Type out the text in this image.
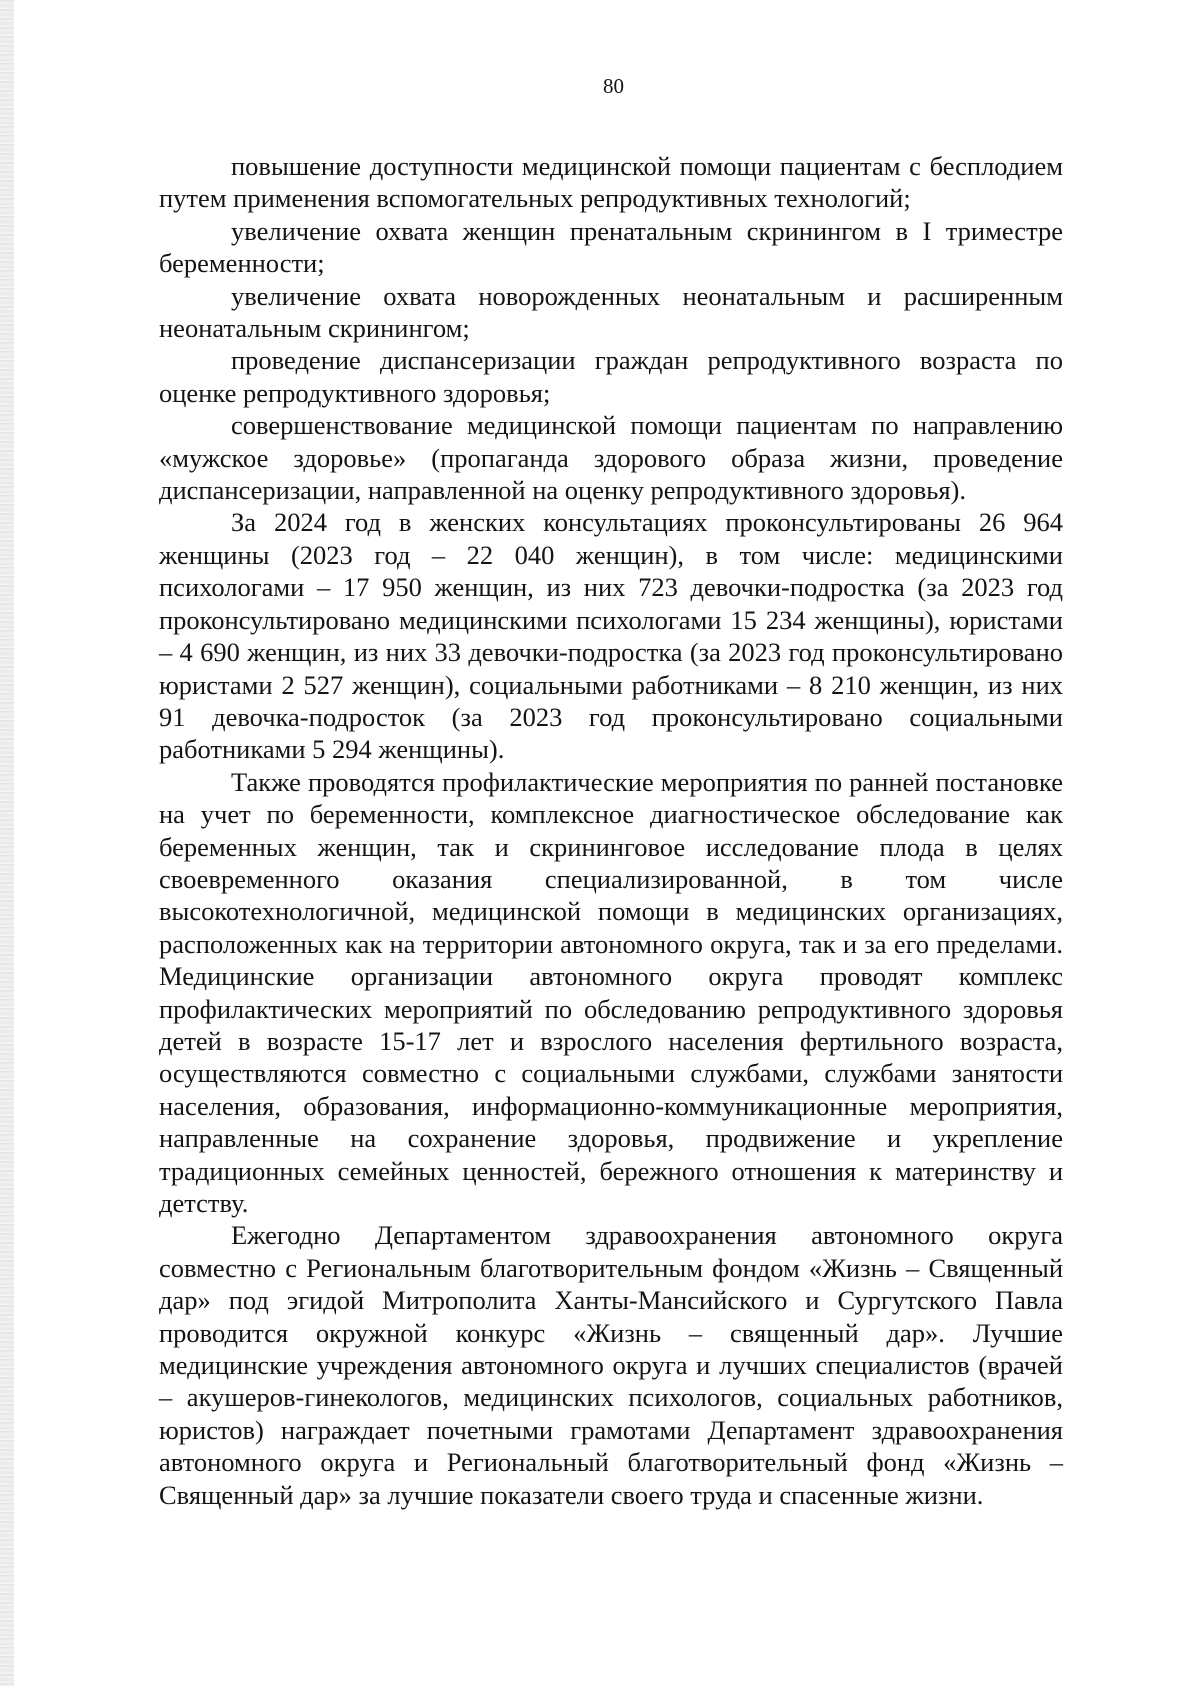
80

повышение доступности медицинской помощи пациентам с бесплодием путем применения вспомогательных репродуктивных технологий;

увеличение охвата женщин пренатальным скринингом в I триместре беременности;

увеличение охвата новорожденных неонатальным и расширенным неонатальным скринингом;

проведение диспансеризации граждан репродуктивного возраста по оценке репродуктивного здоровья;

совершенствование медицинской помощи пациентам по направлению «мужское здоровье» (пропаганда здорового образа жизни, проведение диспансеризации, направленной на оценку репродуктивного здоровья).

За 2024 год в женских консультациях проконсультированы 26 964 женщины (2023 год – 22 040 женщин), в том числе: медицинскими психологами – 17 950 женщин, из них 723 девочки-подростка (за 2023 год проконсультировано медицинскими психологами 15 234 женщины), юристами – 4 690 женщин, из них 33 девочки-подростка (за 2023 год проконсультировано юристами 2 527 женщин), социальными работниками – 8 210 женщин, из них 91 девочка-подросток (за 2023 год проконсультировано социальными работниками 5 294 женщины).

Также проводятся профилактические мероприятия по ранней постановке на учет по беременности, комплексное диагностическое обследование как беременных женщин, так и скрининговое исследование плода в целях своевременного оказания специализированной, в том числе высокотехнологичной, медицинской помощи в медицинских организациях, расположенных как на территории автономного округа, так и за его пределами. Медицинские организации автономного округа проводят комплекс профилактических мероприятий по обследованию репродуктивного здоровья детей в возрасте 15-17 лет и взрослого населения фертильного возраста, осуществляются совместно с социальными службами, службами занятости населения, образования, информационно-коммуникационные мероприятия, направленные на сохранение здоровья, продвижение и укрепление традиционных семейных ценностей, бережного отношения к материнству и детству.

Ежегодно Департаментом здравоохранения автономного округа совместно с Региональным благотворительным фондом «Жизнь – Священный дар» под эгидой Митрополита Ханты-Мансийского и Сургутского Павла проводится окружной конкурс «Жизнь – священный дар». Лучшие медицинские учреждения автономного округа и лучших специалистов (врачей – акушеров-гинекологов, медицинских психологов, социальных работников, юристов) награждает почетными грамотами Департамент здравоохранения автономного округа и Региональный благотворительный фонд «Жизнь – Священный дар» за лучшие показатели своего труда и спасенные жизни.
